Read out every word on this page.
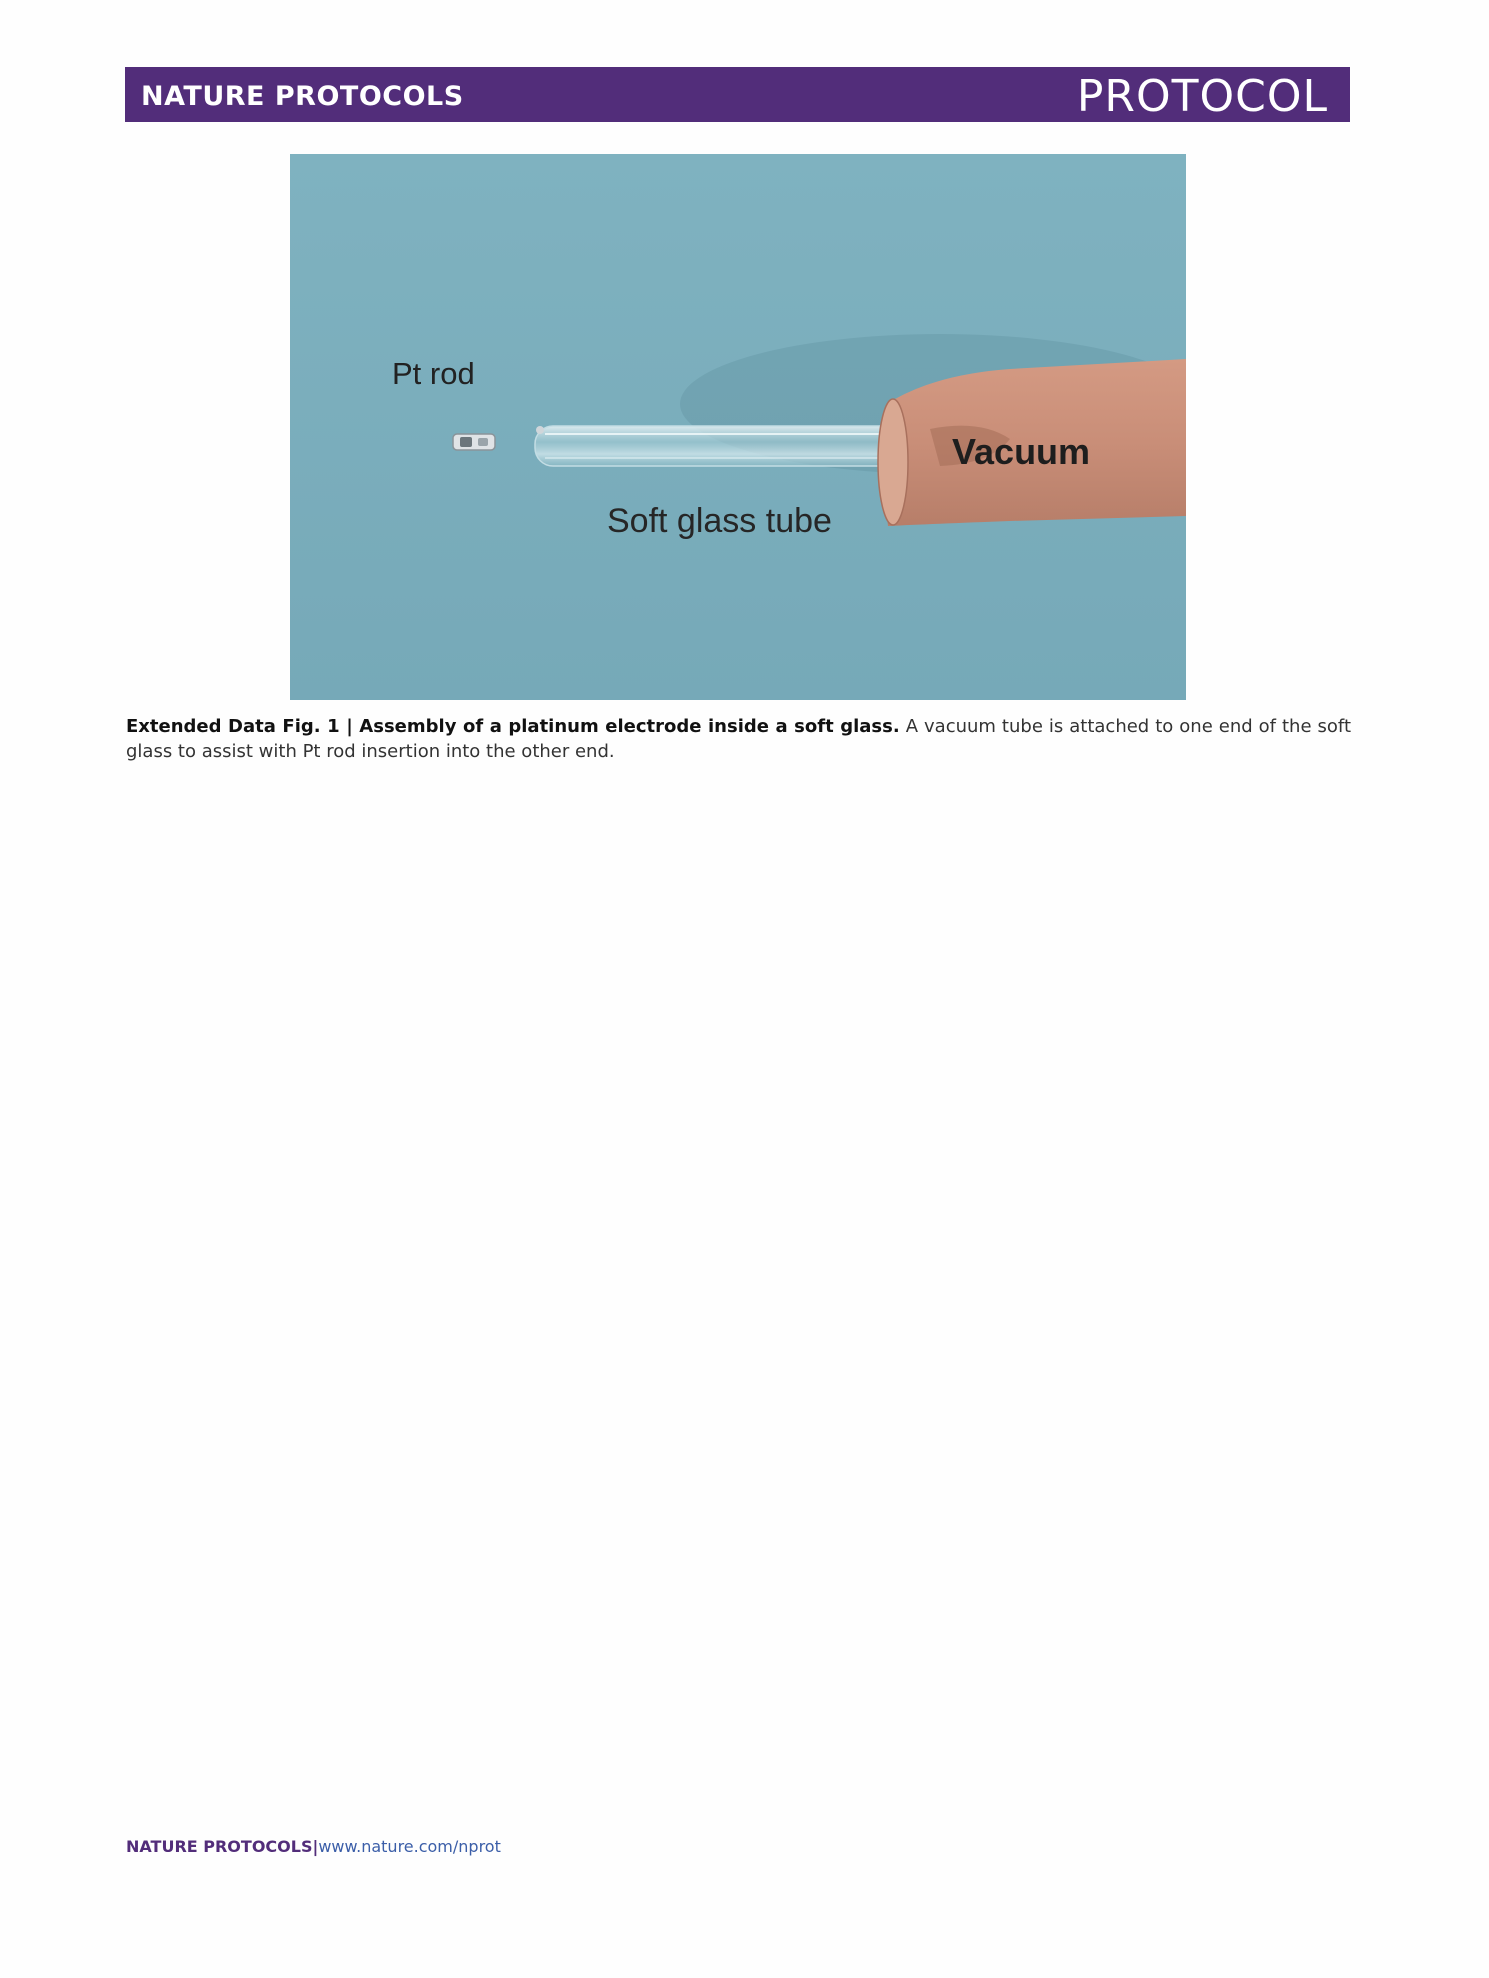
NATURE PROTOCOLS	PROTOCOL
Pt rod
Vacuum
Soft glass tube

Extended Data Fig. 1 | Assembly of a platinum electrode inside a soft glass. A vacuum tube is attached to one end of the soft glass to assist with Pt rod insertion into the other end.

NATURE PROTOCOLS|www.nature.com/nprot
